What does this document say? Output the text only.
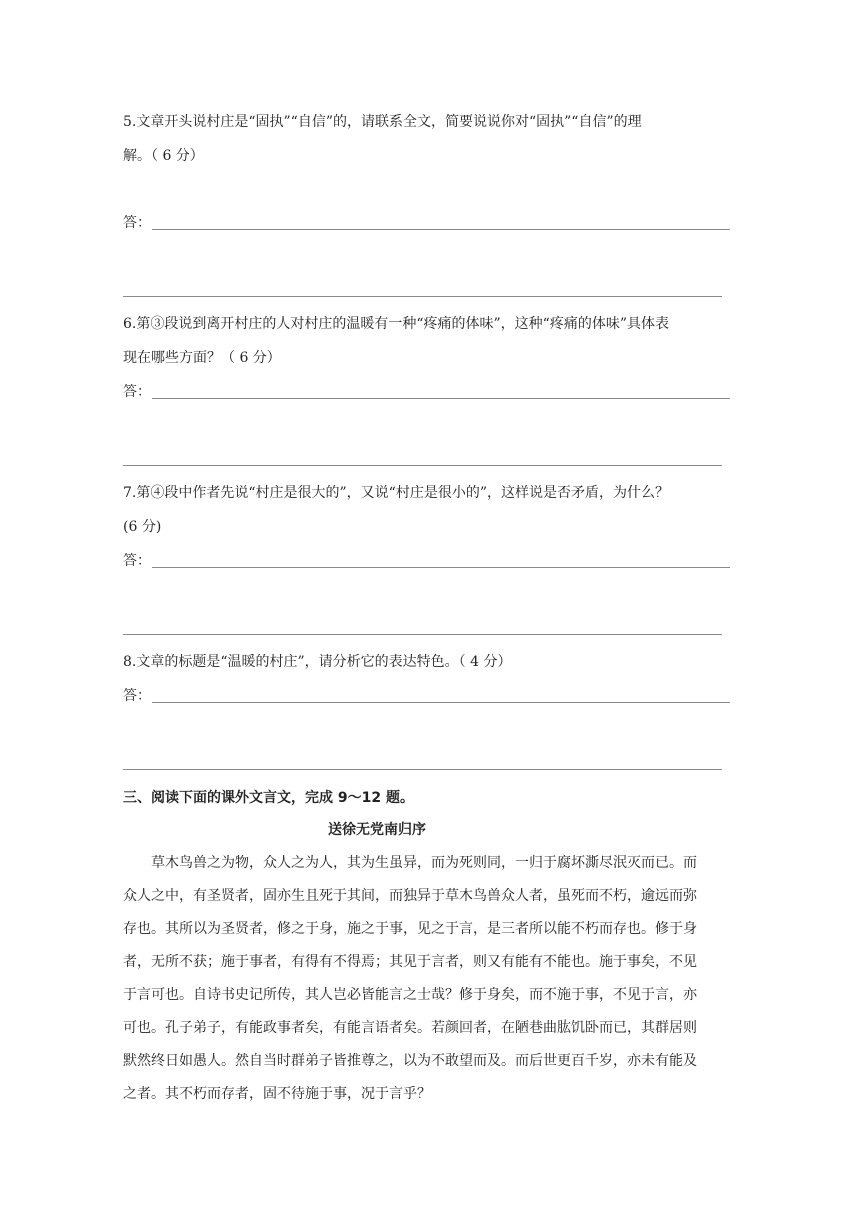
5.文章开头说村庄是“固执”“自信”的，请联系全文，简要说说你对“固执”“自信”的理
解。（ 6 分）
答：
6.第③段说到离开村庄的人对村庄的温暖有一种“疼痛的体味”，这种“疼痛的体味”具体表
现在哪些方面？（ 6 分）
答：
7.第④段中作者先说“村庄是很大的”，又说“村庄是很小的”，这样说是否矛盾，为什么？
(6 分)
答：
8.文章的标题是“温暖的村庄”，请分析它的表达特色。（ 4 分）
答：
三、阅读下面的课外文言文，完成 9～12 题。
送徐无党南归序
　　草木鸟兽之为物，众人之为人，其为生虽异，而为死则同，一归于腐坏澌尽泯灭而已。而
众人之中，有圣贤者，固亦生且死于其间，而独异于草木鸟兽众人者，虽死而不朽，逾远而弥
存也。其所以为圣贤者，修之于身，施之于事，见之于言，是三者所以能不朽而存也。修于身
者，无所不获；施于事者，有得有不得焉；其见于言者，则又有能有不能也。施于事矣，不见
于言可也。自诗书史记所传，其人岂必皆能言之士哉？修于身矣，而不施于事，不见于言，亦
可也。孔子弟子，有能政事者矣，有能言语者矣。若颜回者，在陋巷曲肱饥卧而已，其群居则
默然终日如愚人。然自当时群弟子皆推尊之，以为不敢望而及。而后世更百千岁，亦未有能及
之者。其不朽而存者，固不待施于事，况于言乎？
